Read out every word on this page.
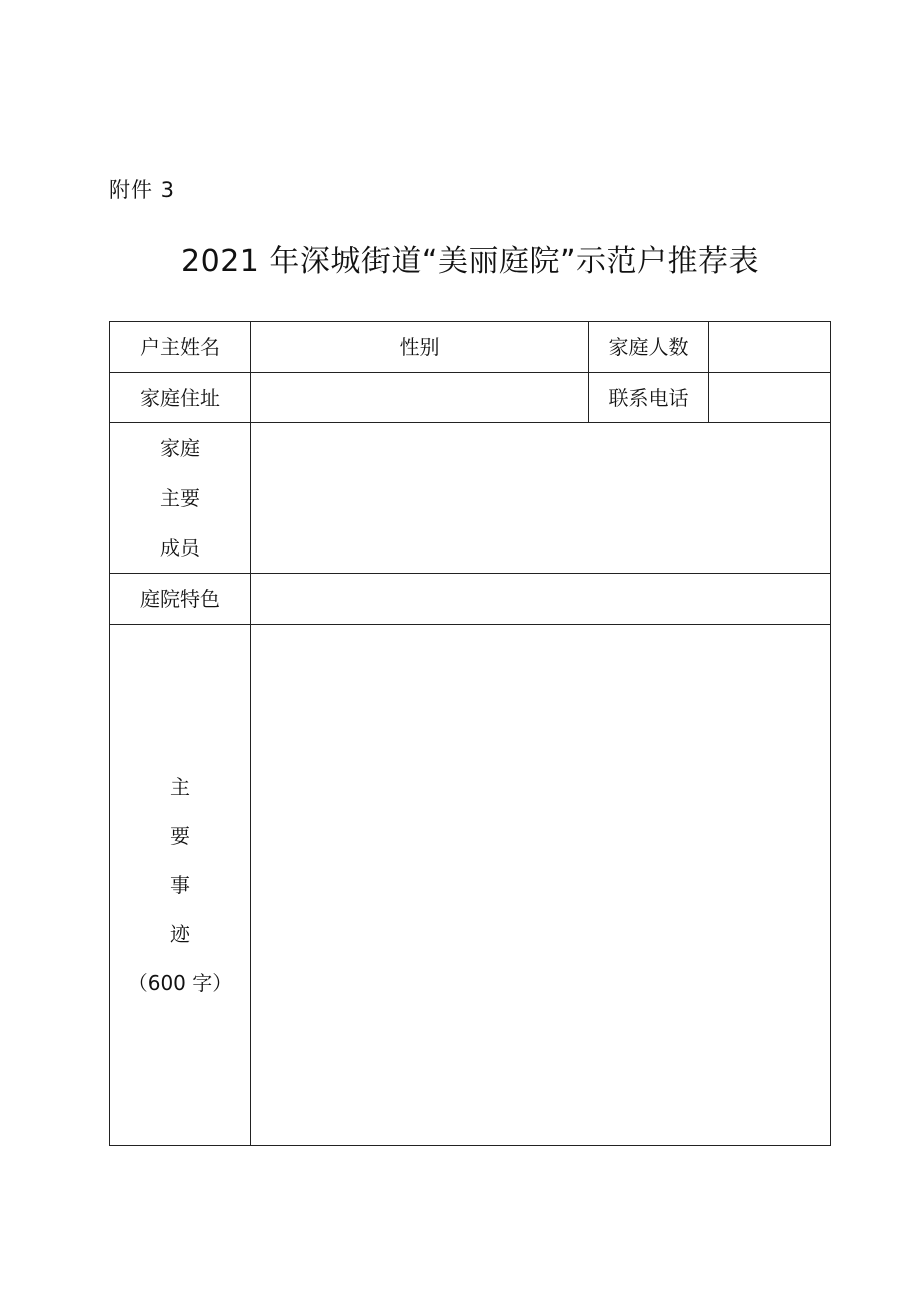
附件 3
2021 年深城街道“美丽庭院”示范户推荐表
户主姓名	性别	家庭人数	
家庭住址		联系电话	

家庭
主要
成员			

庭院特色			

主
要
事
迹
（600 字）			
